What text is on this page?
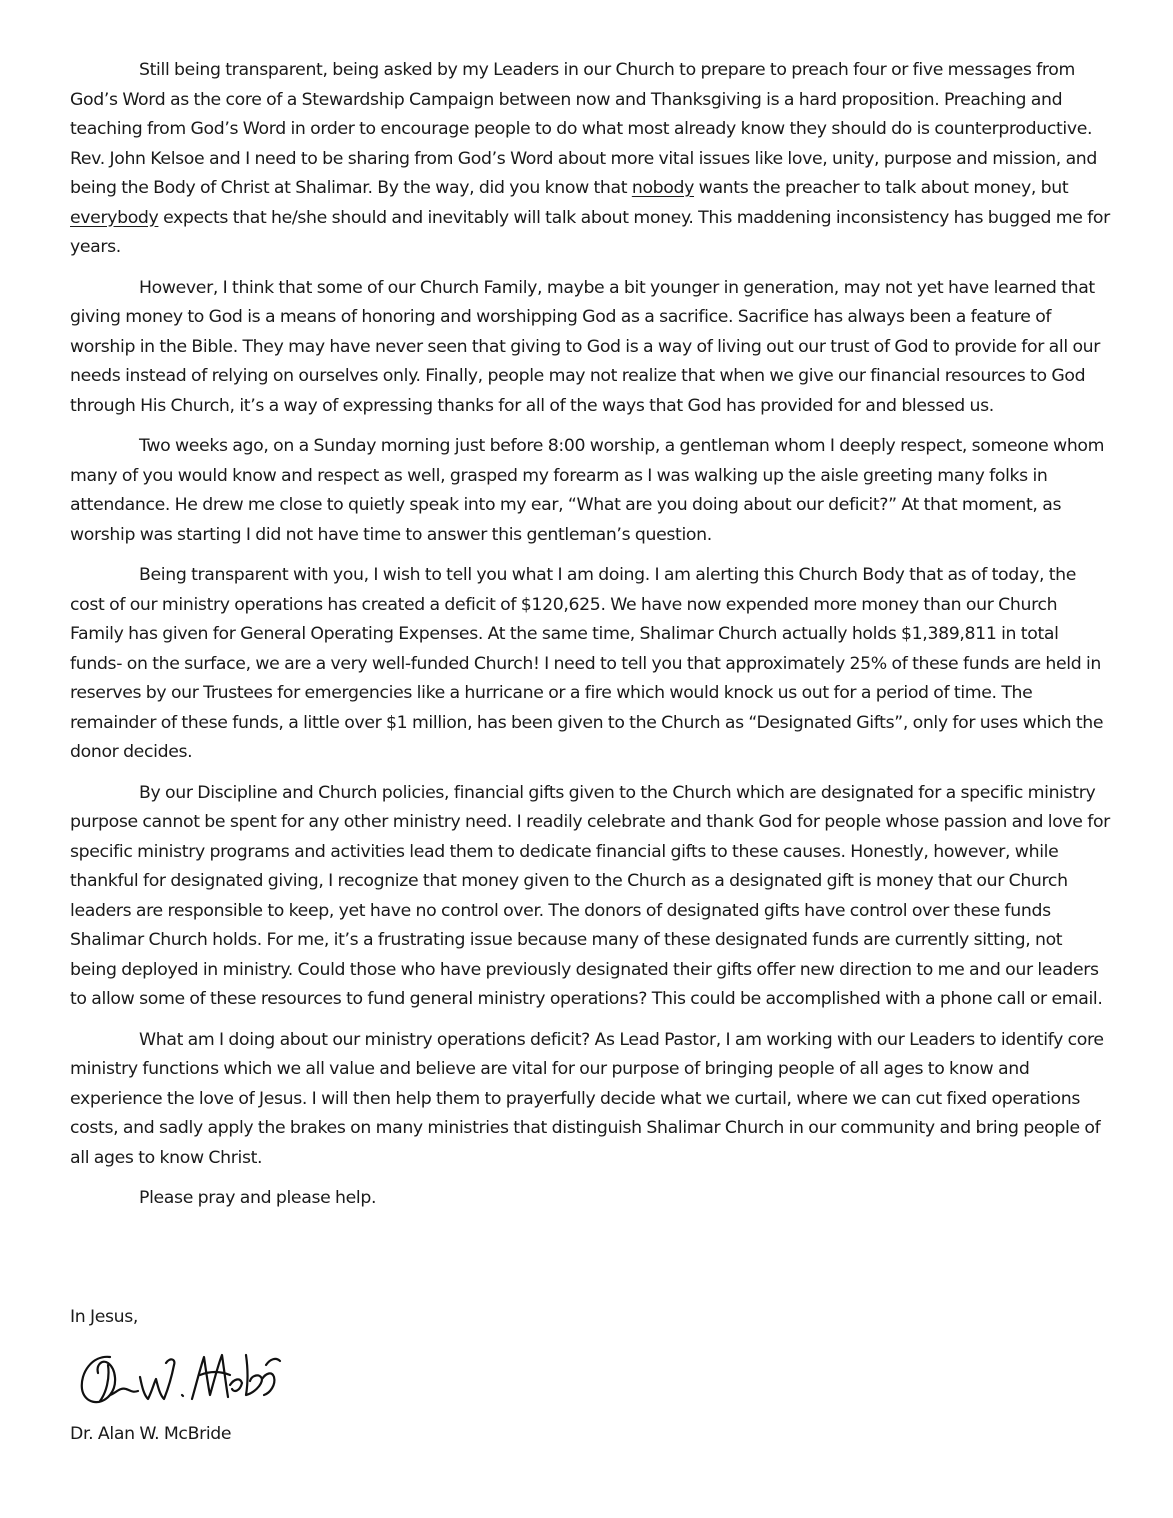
Still being transparent, being asked by my Leaders in our Church to prepare to preach four or five messages from God’s Word as the core of a Stewardship Campaign between now and Thanksgiving is a hard proposition. Preaching and teaching from God’s Word in order to encourage people to do what most already know they should do is counterproductive. Rev. John Kelsoe and I need to be sharing from God’s Word about more vital issues like love, unity, purpose and mission, and being the Body of Christ at Shalimar. By the way, did you know that nobody wants the preacher to talk about money, but everybody expects that he/she should and inevitably will talk about money. This maddening inconsistency has bugged me for years.

However, I think that some of our Church Family, maybe a bit younger in generation, may not yet have learned that giving money to God is a means of honoring and worshipping God as a sacrifice. Sacrifice has always been a feature of worship in the Bible. They may have never seen that giving to God is a way of living out our trust of God to provide for all our needs instead of relying on ourselves only. Finally, people may not realize that when we give our financial resources to God through His Church, it’s a way of expressing thanks for all of the ways that God has provided for and blessed us.

Two weeks ago, on a Sunday morning just before 8:00 worship, a gentleman whom I deeply respect, someone whom many of you would know and respect as well, grasped my forearm as I was walking up the aisle greeting many folks in attendance. He drew me close to quietly speak into my ear, “What are you doing about our deficit?” At that moment, as worship was starting I did not have time to answer this gentleman’s question.

Being transparent with you, I wish to tell you what I am doing. I am alerting this Church Body that as of today, the cost of our ministry operations has created a deficit of $120,625. We have now expended more money than our Church Family has given for General Operating Expenses. At the same time, Shalimar Church actually holds $1,389,811 in total funds- on the surface, we are a very well-funded Church! I need to tell you that approximately 25% of these funds are held in reserves by our Trustees for emergencies like a hurricane or a fire which would knock us out for a period of time. The remainder of these funds, a little over $1 million, has been given to the Church as “Designated Gifts”, only for uses which the donor decides.

By our Discipline and Church policies, financial gifts given to the Church which are designated for a specific ministry purpose cannot be spent for any other ministry need. I readily celebrate and thank God for people whose passion and love for specific ministry programs and activities lead them to dedicate financial gifts to these causes. Honestly, however, while thankful for designated giving, I recognize that money given to the Church as a designated gift is money that our Church leaders are responsible to keep, yet have no control over. The donors of designated gifts have control over these funds Shalimar Church holds. For me, it’s a frustrating issue because many of these designated funds are currently sitting, not being deployed in ministry. Could those who have previously designated their gifts offer new direction to me and our leaders to allow some of these resources to fund general ministry operations? This could be accomplished with a phone call or email.

What am I doing about our ministry operations deficit? As Lead Pastor, I am working with our Leaders to identify core ministry functions which we all value and believe are vital for our purpose of bringing people of all ages to know and experience the love of Jesus. I will then help them to prayerfully decide what we curtail, where we can cut fixed operations costs, and sadly apply the brakes on many ministries that distinguish Shalimar Church in our community and bring people of all ages to know Christ.

Please pray and please help.

In Jesus,

Dr. Alan W. McBride
